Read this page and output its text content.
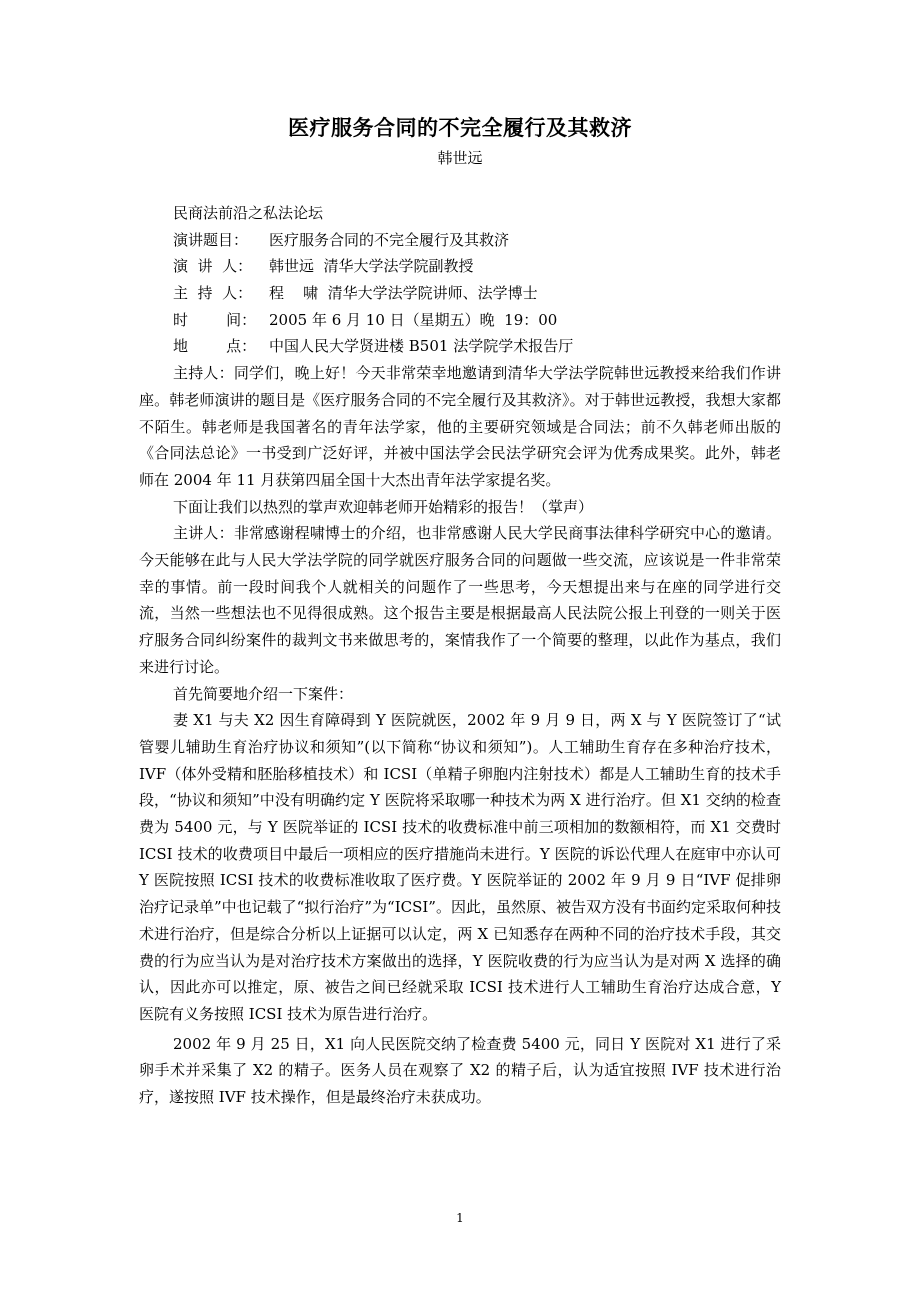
医疗服务合同的不完全履行及其救济
韩世远
民商法前沿之私法论坛
演讲题目：	医疗服务合同的不完全履行及其救济
演  讲  人：	韩世远  清华大学法学院副教授
主  持  人：	程    啸  清华大学法学院讲师、法学博士
时        间： 2005 年 6 月 10 日（星期五）晚  19：00
地        点： 中国人民大学贤进楼 B501 法学院学术报告厅

主持人：同学们，晚上好！今天非常荣幸地邀请到清华大学法学院韩世远教授来给我们作讲座。韩老师演讲的题目是《医疗服务合同的不完全履行及其救济》。对于韩世远教授，我想大家都不陌生。韩老师是我国著名的青年法学家，他的主要研究领域是合同法；前不久韩老师出版的《合同法总论》一书受到广泛好评，并被中国法学会民法学研究会评为优秀成果奖。此外，韩老师在 2004 年 11 月获第四届全国十大杰出青年法学家提名奖。

下面让我们以热烈的掌声欢迎韩老师开始精彩的报告！（掌声）

主讲人：非常感谢程啸博士的介绍，也非常感谢人民大学民商事法律科学研究中心的邀请。今天能够在此与人民大学法学院的同学就医疗服务合同的问题做一些交流，应该说是一件非常荣幸的事情。前一段时间我个人就相关的问题作了一些思考，今天想提出来与在座的同学进行交流，当然一些想法也不见得很成熟。这个报告主要是根据最高人民法院公报上刊登的一则关于医疗服务合同纠纷案件的裁判文书来做思考的，案情我作了一个简要的整理，以此作为基点，我们来进行讨论。

首先简要地介绍一下案件：

妻 X1 与夫 X2 因生育障碍到 Y 医院就医，2002 年 9 月 9 日，两 X 与 Y 医院签订了“试管婴儿辅助生育治疗协议和须知”(以下简称“协议和须知”)。人工辅助生育存在多种治疗技术，IVF（体外受精和胚胎移植技术）和 ICSI（单精子卵胞内注射技术）都是人工辅助生育的技术手段，“协议和须知”中没有明确约定 Y 医院将采取哪一种技术为两 X 进行治疗。但 X1 交纳的检查费为 5400 元，与 Y 医院举证的 ICSI 技术的收费标准中前三项相加的数额相符，而 X1 交费时 ICSI 技术的收费项目中最后一项相应的医疗措施尚未进行。Y 医院的诉讼代理人在庭审中亦认可 Y 医院按照 ICSI 技术的收费标准收取了医疗费。Y 医院举证的 2002 年 9 月 9 日“IVF 促排卵治疗记录单”中也记载了“拟行治疗”为“ICSI”。因此，虽然原、被告双方没有书面约定采取何种技术进行治疗，但是综合分析以上证据可以认定，两 X 已知悉存在两种不同的治疗技术手段，其交费的行为应当认为是对治疗技术方案做出的选择，Y 医院收费的行为应当认为是对两 X 选择的确认，因此亦可以推定，原、被告之间已经就采取 ICSI 技术进行人工辅助生育治疗达成合意，Y 医院有义务按照 ICSI 技术为原告进行治疗。

2002 年 9 月 25 日，X1 向人民医院交纳了检查费 5400 元，同日 Y 医院对 X1 进行了采卵手术并采集了 X2 的精子。医务人员在观察了 X2 的精子后，认为适宜按照 IVF 技术进行治疗，遂按照 IVF 技术操作，但是最终治疗未获成功。

1
